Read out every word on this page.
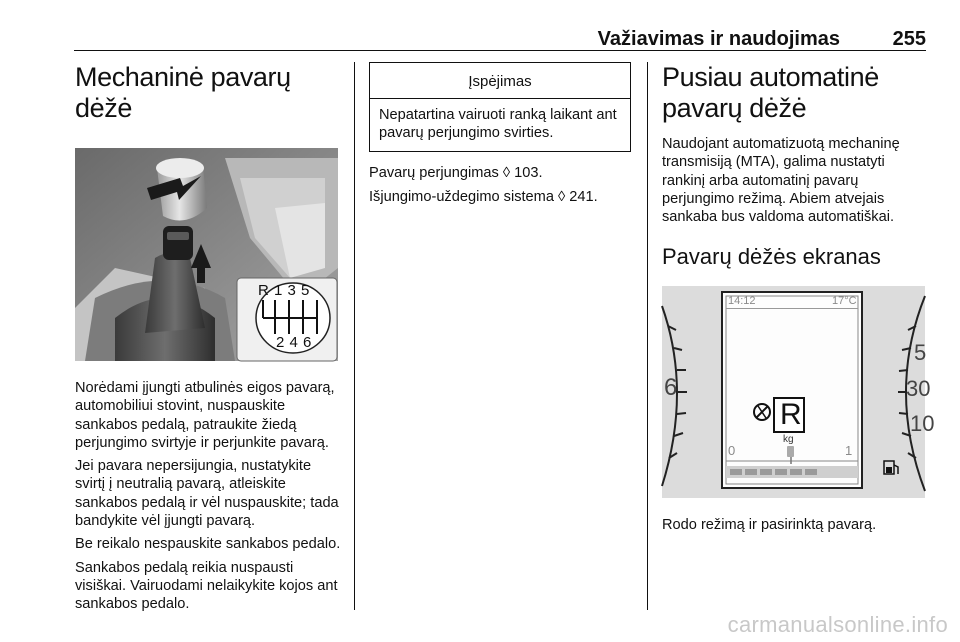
Važiavimas ir naudojimas	255
Mechaninė pavarų dėžė
R 1 3 5
2 4 6

Norėdami įjungti atbulinės eigos pavarą, automobiliui stovint, nuspauskite sankabos pedalą, patraukite žiedą perjungimo svirtyje ir perjunkite pavarą.

Jei pavara nepersijungia, nustatykite svirtį į neutralią pavarą, atleiskite sankabos pedalą ir vėl nuspauskite; tada bandykite vėl įjungti pavarą.

Be reikalo nespauskite sankabos pedalo.

Sankabos pedalą reikia nuspausti visiškai. Vairuodami nelaikykite kojos ant sankabos pedalo.

Įspėjimas
Nepatartina vairuoti ranką laikant ant pavarų perjungimo svirties.

Pavarų perjungimas ◊ 103.

Išjungimo-uždegimo sistema ◊ 241.

Pusiau automatinė
pavarų dėžė

Naudojant automatizuotą mechaninę transmisiją (MTA), galima nustatyti rankinį arba automatinį pavarų perjungimo režimą. Abiem atvejais sankaba bus valdoma automatiškai.

Pavarų dėžės ekranas
14:12	17°C
R
kg
0	1
6
5
30
10

Rodo režimą ir pasirinktą pavarą.

carmanualsonline.info
